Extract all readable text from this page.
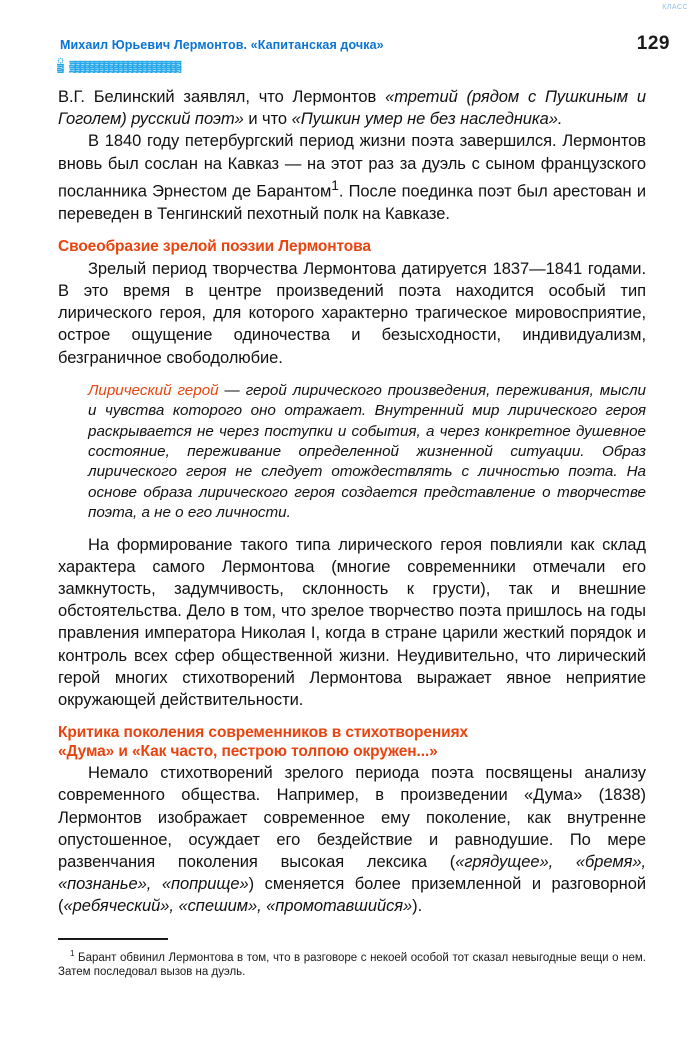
КЛАСС
Михаил Юрьевич Лермонтов. «Капитанская дочка»	129
ྯྯ ྯྯ ྯྯ ྯྯ ྯྯ ྯྯ ྯྯ ྯྯ ྯྯ ྯྯ ྯྯ ྯྯ ྯྯ ྯྯ ྯྯ ྯྯ ྯྯ ྯྯ ྯྯ ྯྯ ྯྯ ྯྯ ྯྯ ྯྯ

В.Г. Белинский заявлял, что Лермонтов «третий (рядом с Пушкиным и Гоголем) русский поэт» и что «Пушкин умер не без наследника».

В 1840 году петербургский период жизни поэта завершился. Лермонтов вновь был сослан на Кавказ — на этот раз за дуэль с сыном французского посланника Эрнестом де Барантом$^1$. После поединка поэт был арестован и переведен в Тенгинский пехотный полк на Кавказе.

Своеобразие зрелой поэзии Лермонтова

Зрелый период творчества Лермонтова датируется 1837—1841 годами. В это время в центре произведений поэта находится особый тип лирического героя, для которого характерно трагическое мировосприятие, острое ощущение одиночества и безысходности, индивидуализм, безграничное свободолюбие.

Лирический герой — герой лирического произведения, переживания, мысли и чувства которого оно отражает. Внутренний мир лирического героя раскрывается не через поступки и события, а через конкретное душевное состояние, переживание определенной жизненной ситуации. Образ лирического героя не следует отождествлять с личностью поэта. На основе образа лирического героя создается представление о творчестве поэта, а не о его личности.

На формирование такого типа лирического героя повлияли как склад характера самого Лермонтова (многие современники отмечали его замкнутость, задумчивость, склонность к грусти), так и внешние обстоятельства. Дело в том, что зрелое творчество поэта пришлось на годы правления императора Николая I, когда в стране царили жесткий порядок и контроль всех сфер общественной жизни. Неудивительно, что лирический герой многих стихотворений Лермонтова выражает явное неприятие окружающей действительности.

Критика поколения современников в стихотворениях
«Дума» и «Как часто, пестрою толпою окружен...»

Немало стихотворений зрелого периода поэта посвящены анализу современного общества. Например, в произведении «Дума» (1838) Лермонтов изображает современное ему поколение, как внутренне опустошенное, осуждает его бездействие и равнодушие. По мере развенчания поколения высокая лексика («грядущее», «бремя», «познанье», «поприще») сменяется более приземленной и разговорной («ребяческий», «спешим», «промотавшийся»).

$^1$ Барант обвинил Лермонтова в том, что в разговоре с некоей особой тот сказал невыгодные вещи о нем. Затем последовал вызов на дуэль.
